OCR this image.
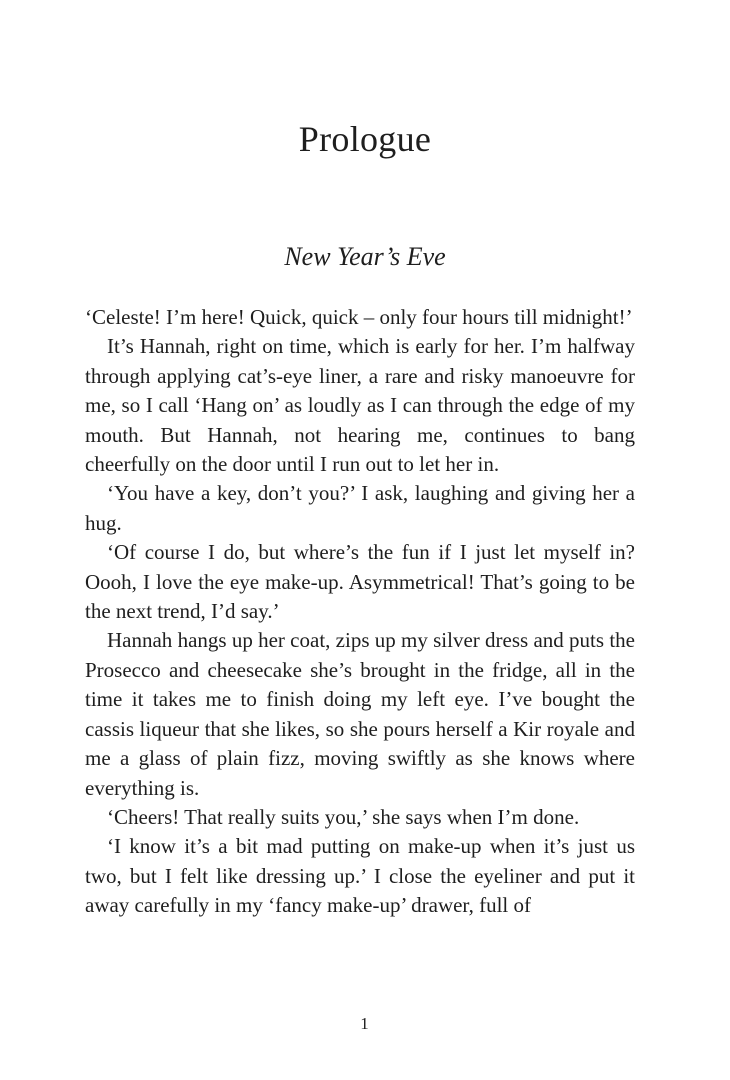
Prologue
New Year’s Eve

‘Celeste! I’m here! Quick, quick – only four hours till midnight!’

It’s Hannah, right on time, which is early for her. I’m halfway through applying cat’s-eye liner, a rare and risky manoeuvre for me, so I call ‘Hang on’ as loudly as I can through the edge of my mouth. But Hannah, not hearing me, continues to bang cheerfully on the door until I run out to let her in.

‘You have a key, don’t you?’ I ask, laughing and giving her a hug.

‘Of course I do, but where’s the fun if I just let myself in? Oooh, I love the eye make-up. Asymmetrical! That’s going to be the next trend, I’d say.’

Hannah hangs up her coat, zips up my silver dress and puts the Prosecco and cheesecake she’s brought in the fridge, all in the time it takes me to finish doing my left eye. I’ve bought the cassis liqueur that she likes, so she pours herself a Kir royale and me a glass of plain fizz, moving swiftly as she knows where everything is.

‘Cheers! That really suits you,’ she says when I’m done.

‘I know it’s a bit mad putting on make-up when it’s just us two, but I felt like dressing up.’ I close the eyeliner and put it away carefully in my ‘fancy make-up’ drawer, full of

1
